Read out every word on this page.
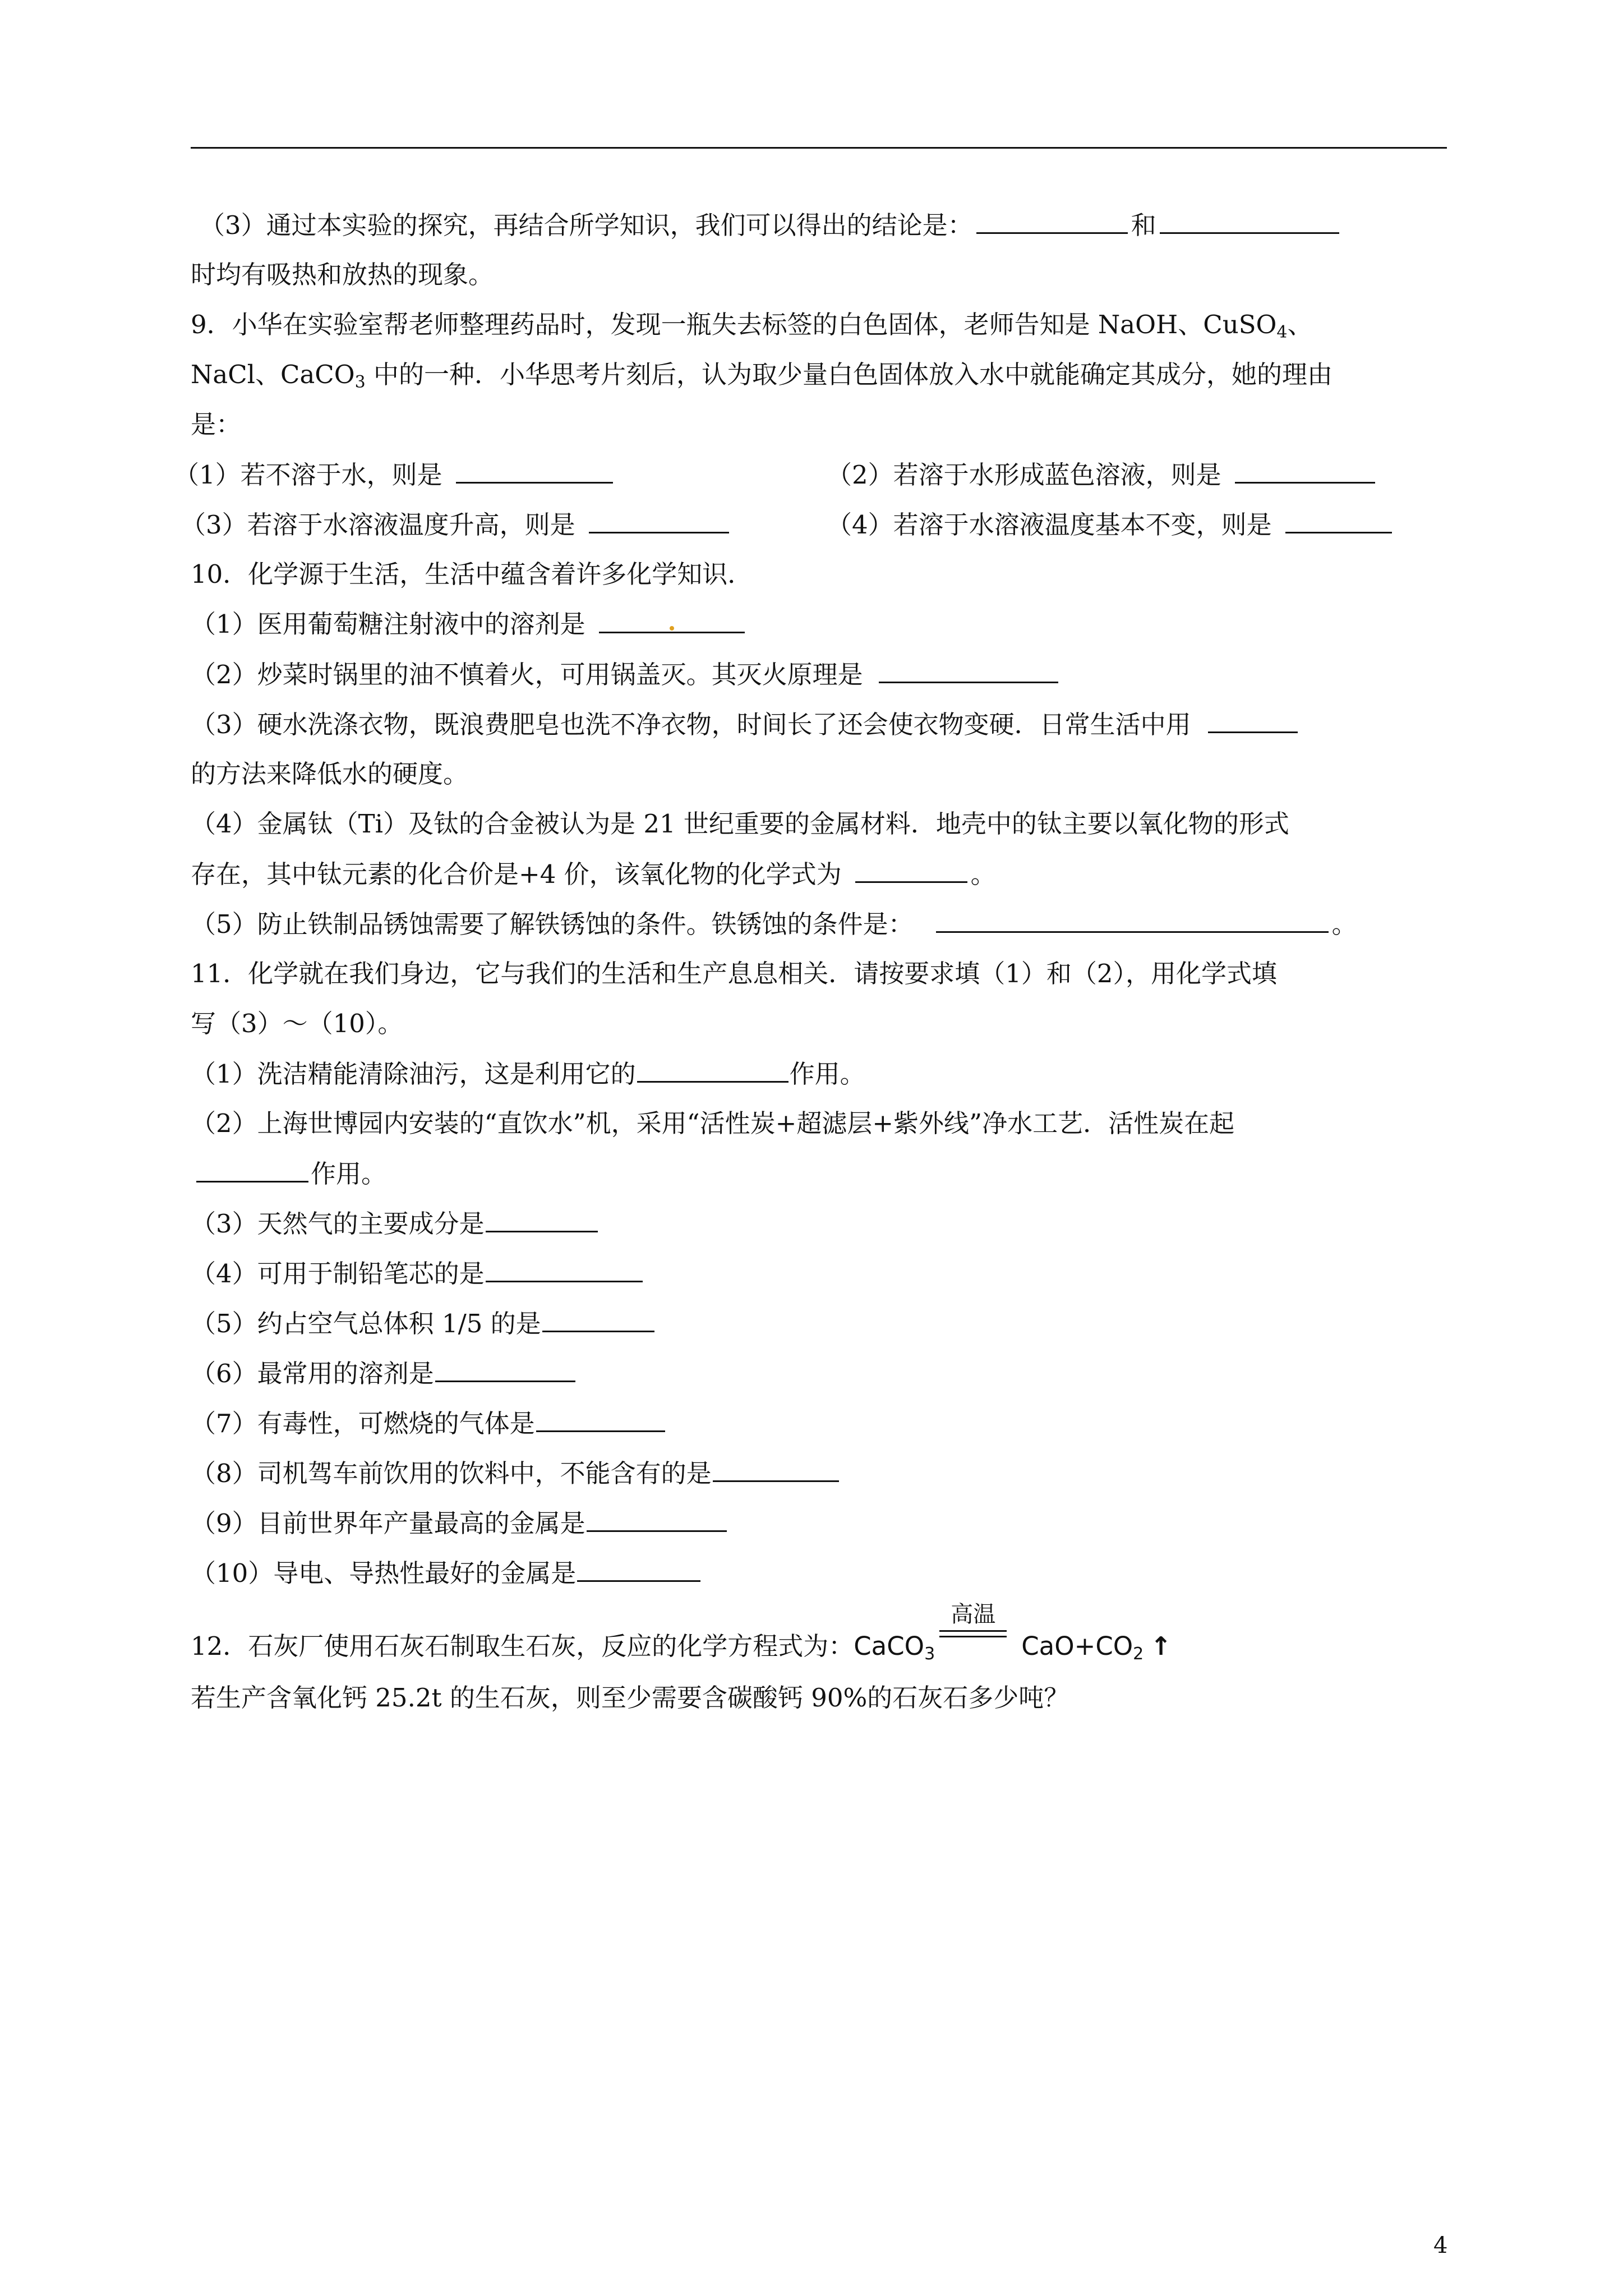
（3）通过本实验的探究，再结合所学知识，我们可以得出的结论是：	和
时均有吸热和放热的现象。
9．小华在实验室帮老师整理药品时，发现一瓶失去标签的白色固体，老师告知是 NaOH、CuSO$_4$、
NaCl、CaCO$_3$ 中的一种．小华思考片刻后，认为取少量白色固体放入水中就能确定其成分，她的理由
是：
（1）若不溶于水，则是	（2）若溶于水形成蓝色溶液，则是
（3）若溶于水溶液温度升高，则是	（4）若溶于水溶液温度基本不变，则是
10．化学源于生活，生活中蕴含着许多化学知识．
（1）医用葡萄糖注射液中的溶剂是
（2）炒菜时锅里的油不慎着火，可用锅盖灭。其灭火原理是
（3）硬水洗涤衣物，既浪费肥皂也洗不净衣物，时间长了还会使衣物变硬．日常生活中用
的方法来降低水的硬度。
（4）金属钛（Ti）及钛的合金被认为是 21 世纪重要的金属材料．地壳中的钛主要以氧化物的形式
存在，其中钛元素的化合价是+4 价，该氧化物的化学式为	。
（5）防止铁制品锈蚀需要了解铁锈蚀的条件。铁锈蚀的条件是：	。
11．化学就在我们身边，它与我们的生活和生产息息相关．请按要求填（1）和（2），用化学式填
写（3）～（10）。
（1）洗洁精能清除油污，这是利用它的	作用。
（2）上海世博园内安装的“直饮水”机，采用“活性炭+超滤层+紫外线”净水工艺．活性炭在起
作用。
（3）天然气的主要成分是
（4）可用于制铅笔芯的是
（5）约占空气总体积 1/5 的是
（6）最常用的溶剂是
（7）有毒性，可燃烧的气体是
（8）司机驾车前饮用的饮料中，不能含有的是
（9）目前世界年产量最高的金属是
（10）导电、导热性最好的金属是
12．石灰厂使用石灰石制取生石灰，反应的化学方程式为：CaCO$_3$
高温
$CaO+CO_2$ ↑
若生产含氧化钙 25.2t 的生石灰，则至少需要含碳酸钙 90%的石灰石多少吨？
4
